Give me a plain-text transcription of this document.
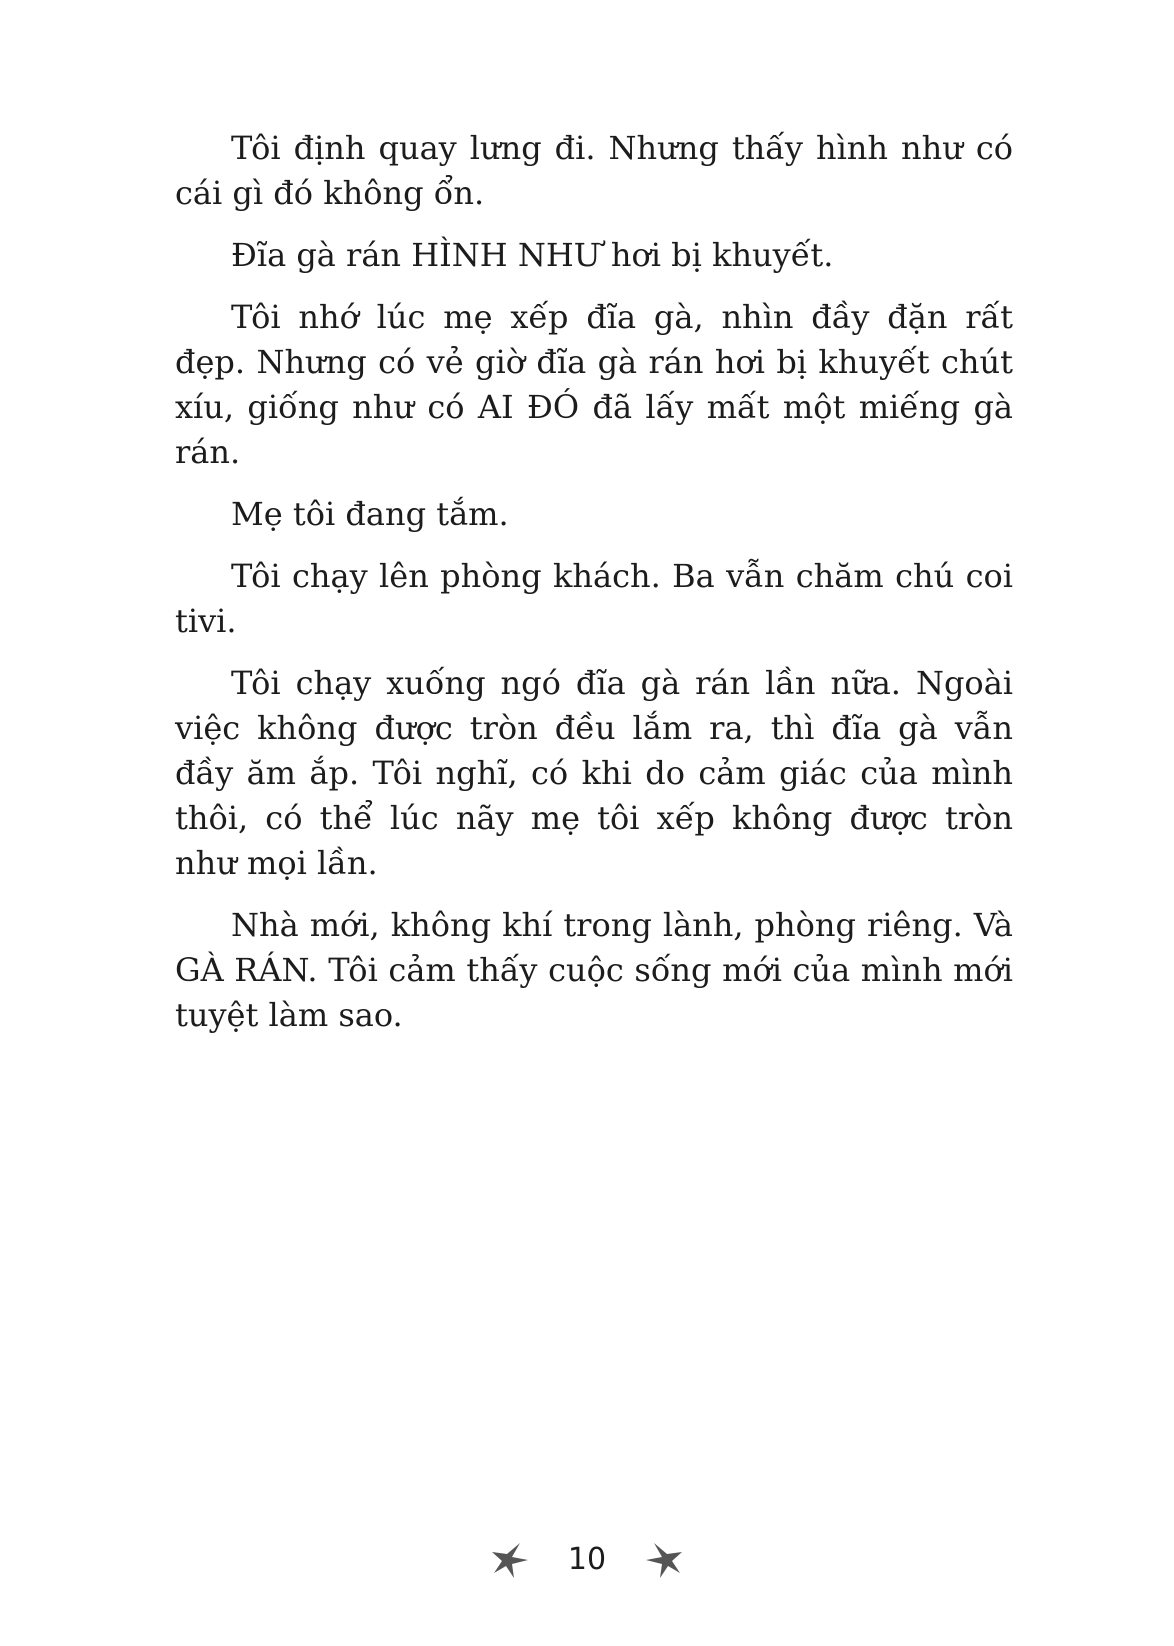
Tôi định quay lưng đi. Nhưng thấy hình như có cái gì đó không ổn.

Đĩa gà rán HÌNH NHƯ hơi bị khuyết.

Tôi nhớ lúc mẹ xếp đĩa gà, nhìn đầy đặn rất đẹp. Nhưng có vẻ giờ đĩa gà rán hơi bị khuyết chút xíu, giống như có AI ĐÓ đã lấy mất một miếng gà rán.

Mẹ tôi đang tắm.

Tôi chạy lên phòng khách. Ba vẫn chăm chú coi tivi.

Tôi chạy xuống ngó đĩa gà rán lần nữa. Ngoài việc không được tròn đều lắm ra, thì đĩa gà vẫn đầy ăm ắp. Tôi nghĩ, có khi do cảm giác của mình thôi, có thể lúc nãy mẹ tôi xếp không được tròn như mọi lần.

Nhà mới, không khí trong lành, phòng riêng. Và GÀ RÁN. Tôi cảm thấy cuộc sống mới của mình mới tuyệt làm sao.

10
